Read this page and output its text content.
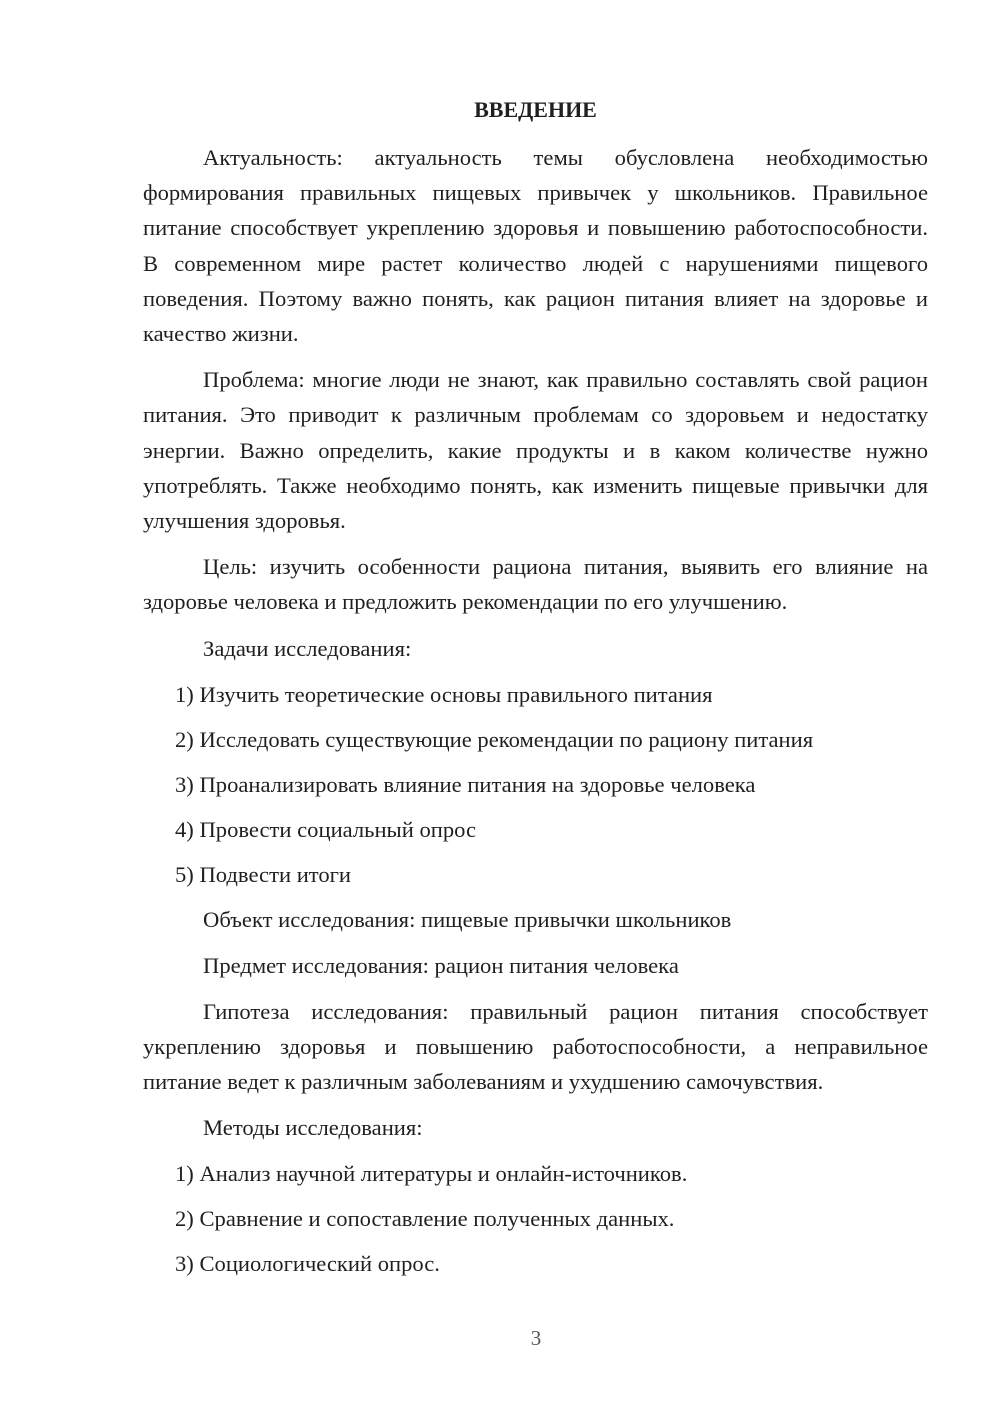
ВВЕДЕНИЕ

Актуальность: актуальность темы обусловлена необходимостью формирования правильных пищевых привычек у школьников. Правильное питание способствует укреплению здоровья и повышению работоспособности. В современном мире растет количество людей с нарушениями пищевого поведения. Поэтому важно понять, как рацион питания влияет на здоровье и качество жизни.

Проблема: многие люди не знают, как правильно составлять свой рацион питания. Это приводит к различным проблемам со здоровьем и недостатку энергии. Важно определить, какие продукты и в каком количестве нужно употреблять. Также необходимо понять, как изменить пищевые привычки для улучшения здоровья.

Цель: изучить особенности рациона питания, выявить его влияние на здоровье человека и предложить рекомендации по его улучшению.

Задачи исследования:
1) Изучить теоретические основы правильного питания
2) Исследовать существующие рекомендации по рациону питания
3) Проанализировать влияние питания на здоровье человека
4) Провести социальный опрос
5) Подвести итоги
Объект исследования: пищевые привычки школьников
Предмет исследования: рацион питания человека

Гипотеза исследования: правильный рацион питания способствует укреплению здоровья и повышению работоспособности, а неправильное питание ведет к различным заболеваниям и ухудшению самочувствия.

Методы исследования:
1) Анализ научной литературы и онлайн-источников.
2) Сравнение и сопоставление полученных данных.
3) Социологический опрос.
3
